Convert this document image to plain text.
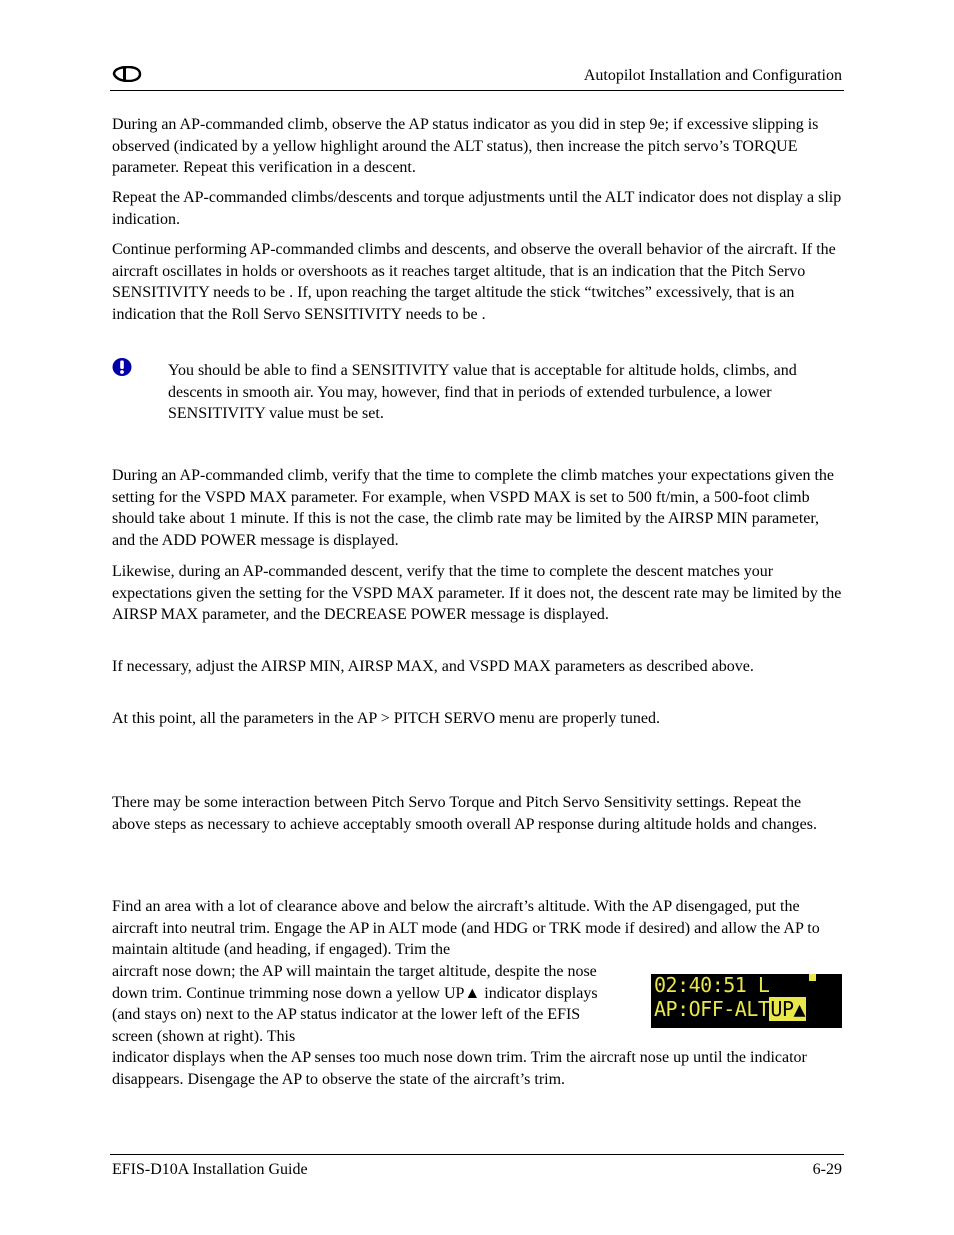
Autopilot Installation and Configuration

During an AP-commanded climb, observe the AP status indicator as you did in step 9e; if excessive slipping is observed (indicated by a yellow highlight around the ALT status), then increase the pitch servo’s TORQUE parameter. Repeat this verification in a descent.

Repeat the AP-commanded climbs/descents and torque adjustments until the ALT indicator does not display a slip indication.

Continue performing AP-commanded climbs and descents, and observe the overall behavior of the aircraft. If the aircraft oscillates in holds or overshoots as it reaches target altitude, that is an indication that the Pitch Servo SENSITIVITY needs to be . If, upon reaching the target altitude the stick “twitches” excessively, that is an indication that the Roll Servo SENSITIVITY needs to be .

You should be able to find a SENSITIVITY value that is acceptable for altitude holds, climbs, and descents in smooth air. You may, however, find that in periods of extended turbulence, a lower SENSITIVITY value must be set.

During an AP-commanded climb, verify that the time to complete the climb matches your expectations given the setting for the VSPD MAX parameter. For example, when VSPD MAX is set to 500 ft/min, a 500-foot climb should take about 1 minute. If this is not the case, the climb rate may be limited by the AIRSP MIN parameter, and the ADD POWER message is displayed.

Likewise, during an AP-commanded descent, verify that the time to complete the descent matches your expectations given the setting for the VSPD MAX parameter. If it does not, the descent rate may be limited by the AIRSP MAX parameter, and the DECREASE POWER message is displayed.

If necessary, adjust the AIRSP MIN, AIRSP MAX, and VSPD MAX parameters as described above.

At this point, all the parameters in the AP > PITCH SERVO menu are properly tuned.

There may be some interaction between Pitch Servo Torque and Pitch Servo Sensitivity settings. Repeat the above steps as necessary to achieve acceptably smooth overall AP response during altitude holds and changes.

Find an area with a lot of clearance above and below the aircraft’s altitude. With the AP disengaged, put the aircraft into neutral trim. Engage the AP in ALT mode (and HDG or TRK mode if desired) and allow the AP to maintain altitude (and heading, if engaged). Trim the

aircraft nose down; the AP will maintain the target altitude, despite the nose down trim. Continue trimming nose down a yellow UP▲ indicator displays (and stays on) next to the AP status indicator at the lower left of the EFIS screen (shown at right). This

indicator displays when the AP senses too much nose down trim. Trim the aircraft nose up until the indicator disappears. Disengage the AP to observe the state of the aircraft’s trim.

02:40:51 L
AP:OFF-ALTUP▲
EFIS-D10A Installation Guide	6-29
